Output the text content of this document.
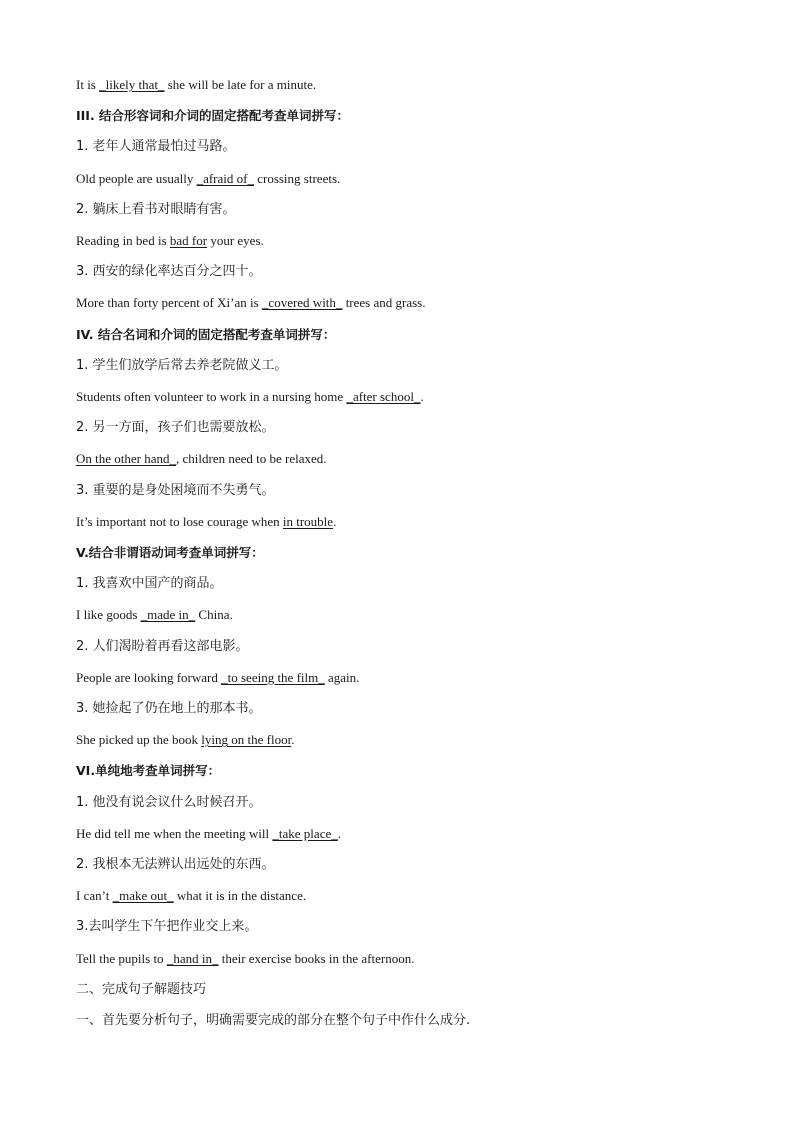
It is _likely that_ she will be late for a minute.
III. 结合形容词和介词的固定搭配考查单词拼写：
1. 老年人通常最怕过马路。
Old people are usually _afraid of_ crossing streets.
2. 躺床上看书对眼睛有害。
Reading in bed is bad for your eyes.
3. 西安的绿化率达百分之四十。
More than forty percent of Xi’an is _covered with_ trees and grass.
IV. 结合名词和介词的固定搭配考查单词拼写：
1. 学生们放学后常去养老院做义工。
Students often volunteer to work in a nursing home _after school_.
2. 另一方面，孩子们也需要放松。
On the other hand_, children need to be relaxed.
3. 重要的是身处困境而不失勇气。
It’s important not to lose courage when in trouble.
V.结合非谓语动词考查单词拼写：
1. 我喜欢中国产的商品。
I like goods _made in_ China.
2. 人们渴盼着再看这部电影。
People are looking forward _to seeing the film_ again.
3. 她捡起了仍在地上的那本书。
She picked up the book lying on the floor.
VI.单纯地考查单词拼写：
1. 他没有说会议什么时候召开。
He did tell me when the meeting will _take place_.
2. 我根本无法辨认出远处的东西。
I can’t _make out_ what it is in the distance.
3.去叫学生下午把作业交上来。
Tell the pupils to _hand in_ their exercise books in the afternoon.
二、完成句子解题技巧
一、首先要分析句子，明确需要完成的部分在整个句子中作什么成分.
